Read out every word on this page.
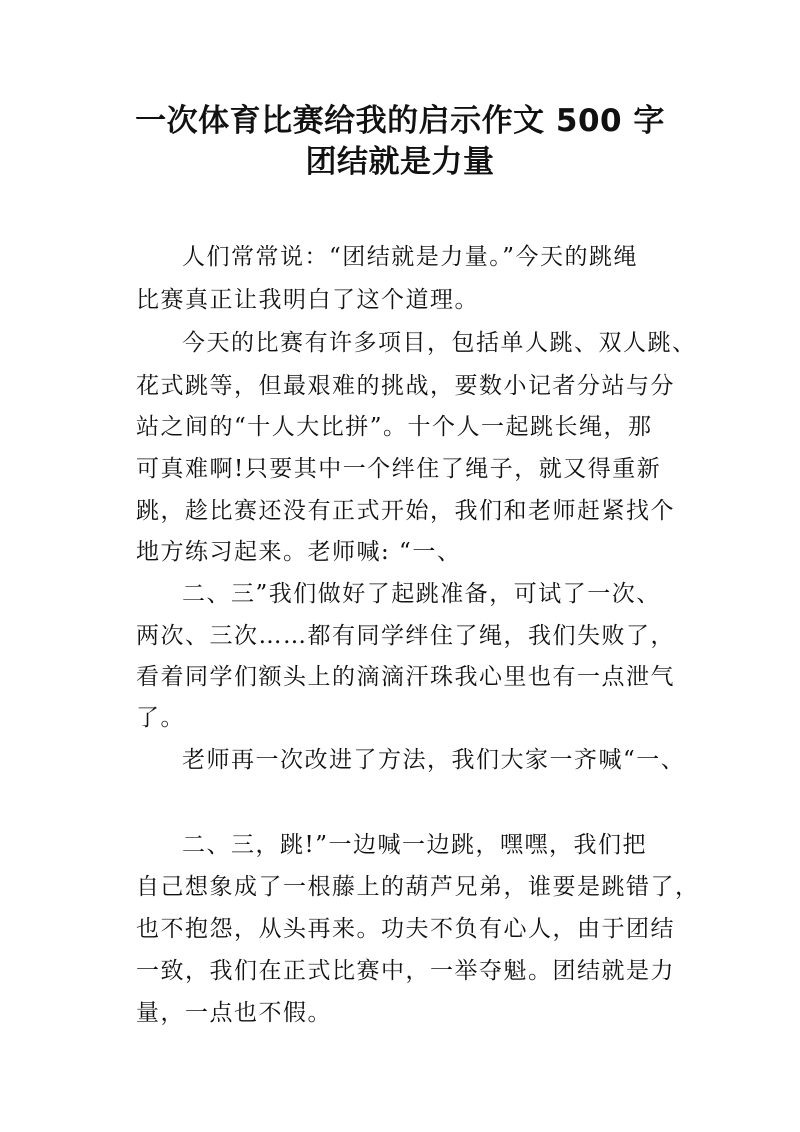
一次体育比赛给我的启示作文 500 字
团结就是力量
人们常常说：“团结就是力量。”今天的跳绳
比赛真正让我明白了这个道理。
今天的比赛有许多项目，包括单人跳、双人跳、
花式跳等，但最艰难的挑战，要数小记者分站与分
站之间的“十人大比拼”。十个人一起跳长绳，那
可真难啊!只要其中一个绊住了绳子，就又得重新
跳，趁比赛还没有正式开始，我们和老师赶紧找个
地方练习起来。老师喊: “一、
二、三”我们做好了起跳准备，可试了一次、
两次、三次……都有同学绊住了绳，我们失败了，
看着同学们额头上的滴滴汗珠我心里也有一点泄气
了。
老师再一次改进了方法，我们大家一齐喊“一、
二、三，跳!”一边喊一边跳，嘿嘿，我们把
自己想象成了一根藤上的葫芦兄弟，谁要是跳错了，
也不抱怨，从头再来。功夫不负有心人，由于团结
一致，我们在正式比赛中，一举夺魁。团结就是力
量，一点也不假。
